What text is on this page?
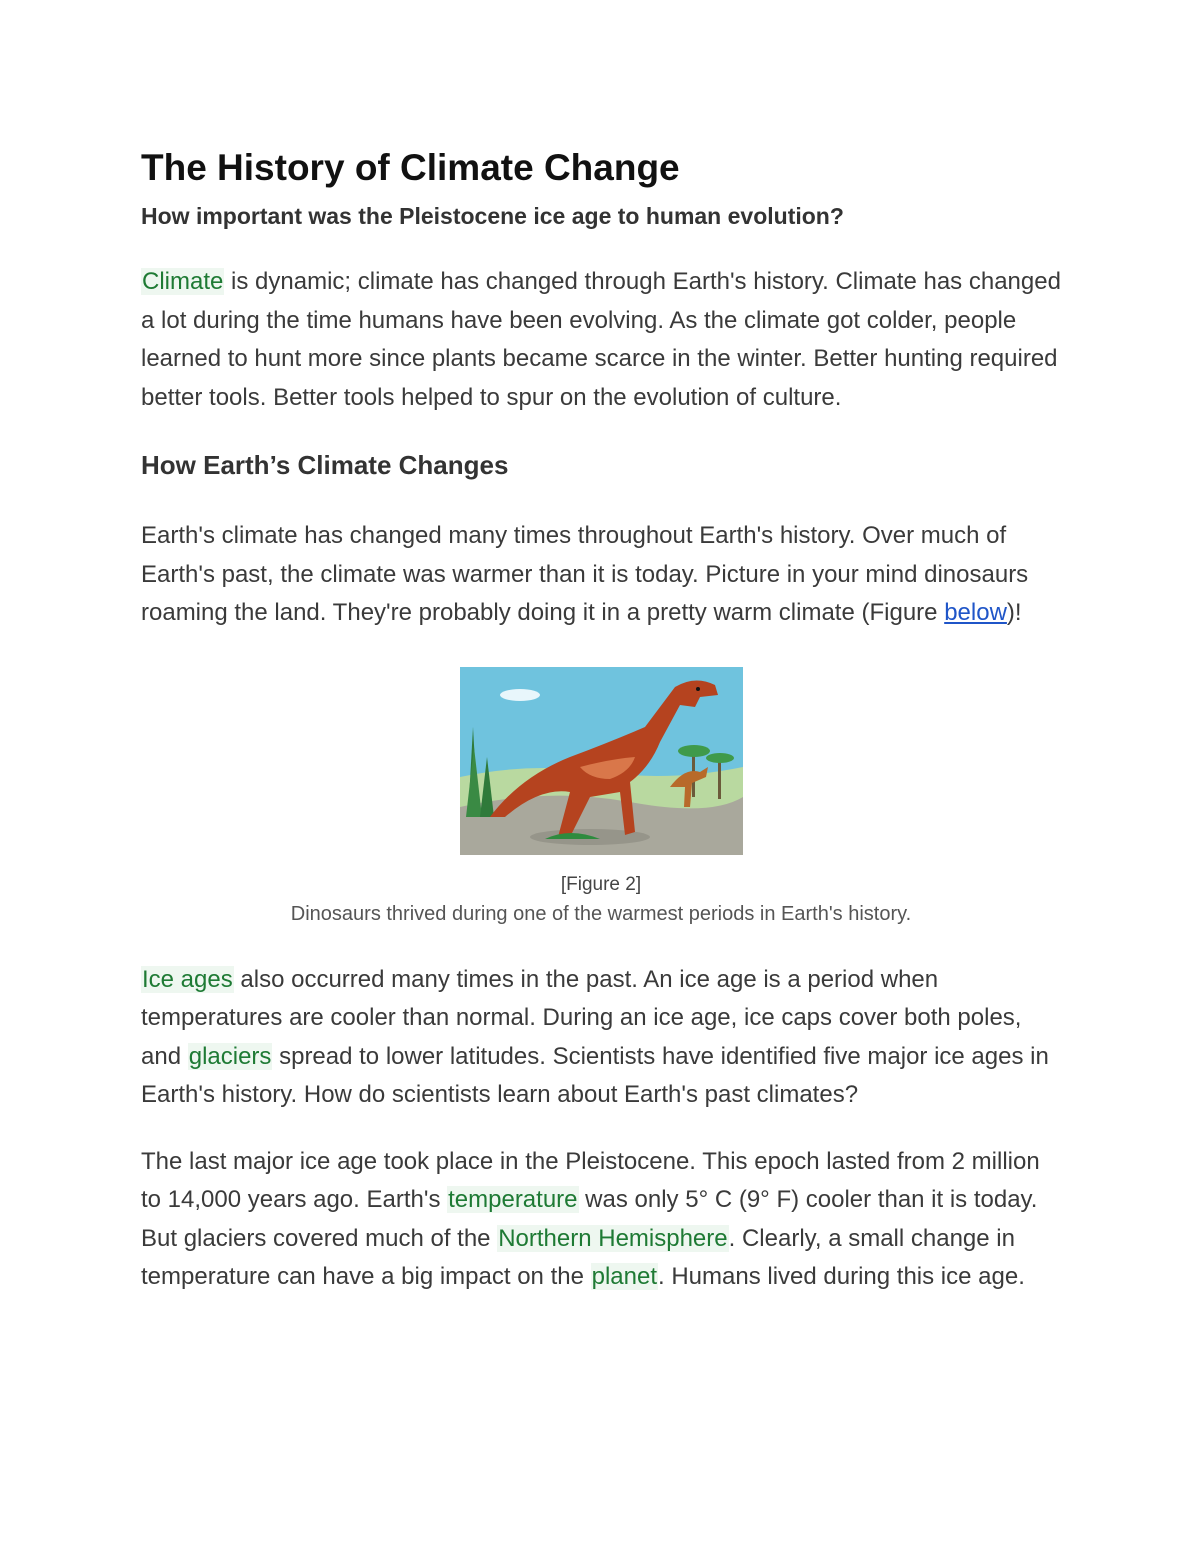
The History of Climate Change
How important was the Pleistocene ice age to human evolution?

Climate is dynamic; climate has changed through Earth's history. Climate has changed a lot during the time humans have been evolving. As the climate got colder, people learned to hunt more since plants became scarce in the winter. Better hunting required better tools. Better tools helped to spur on the evolution of culture.

How Earth’s Climate Changes

Earth's climate has changed many times throughout Earth's history. Over much of Earth's past, the climate was warmer than it is today. Picture in your mind dinosaurs roaming the land. They're probably doing it in a pretty warm climate (Figure below)!

[Figure 2]
Dinosaurs thrived during one of the warmest periods in Earth's history.

Ice ages also occurred many times in the past. An ice age is a period when temperatures are cooler than normal. During an ice age, ice caps cover both poles, and glaciers spread to lower latitudes. Scientists have identified five major ice ages in Earth's history. How do scientists learn about Earth's past climates?

The last major ice age took place in the Pleistocene. This epoch lasted from 2 million to 14,000 years ago. Earth's temperature was only 5° C (9° F) cooler than it is today. But glaciers covered much of the Northern Hemisphere. Clearly, a small change in temperature can have a big impact on the planet. Humans lived during this ice age.
